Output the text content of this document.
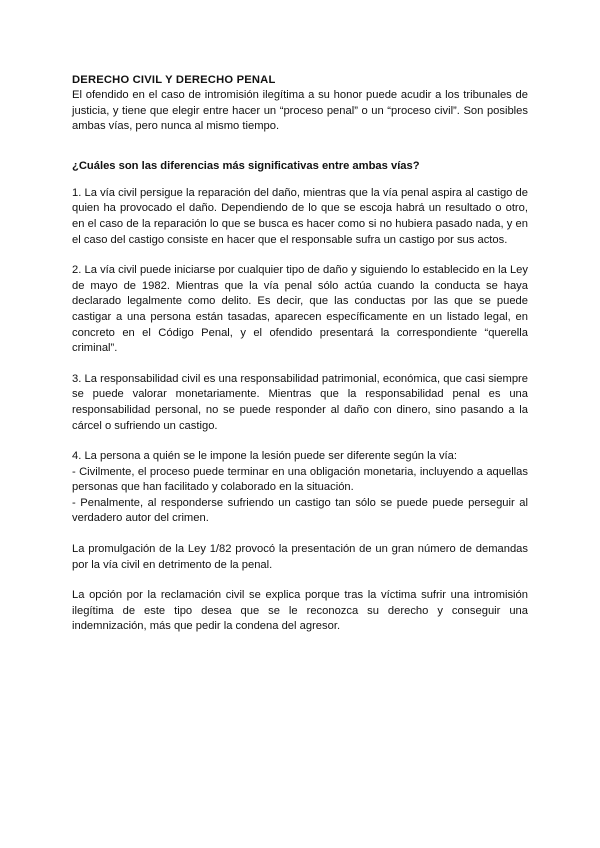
DERECHO CIVIL Y DERECHO PENAL

El ofendido en el caso de intromisión ilegítima a su honor puede acudir a los tribunales de justicia, y tiene que elegir entre hacer un “proceso penal” o un “proceso civil”. Son posibles ambas vías, pero nunca al mismo tiempo.

¿Cuáles son las diferencias más significativas entre ambas vías?

1. La vía civil persigue la reparación del daño, mientras que la vía penal aspira al castigo de quien ha provocado el daño. Dependiendo de lo que se escoja habrá un resultado o otro, en el caso de la reparación lo que se busca es hacer como si no hubiera pasado nada, y en el caso del castigo consiste en hacer que el responsable sufra un castigo por sus actos.

2. La vía civil puede iniciarse por cualquier tipo de daño y siguiendo lo establecido en la Ley de mayo de 1982. Mientras que la vía penal sólo actúa cuando la conducta se haya declarado legalmente como delito. Es decir, que las conductas por las que se puede castigar a una persona están tasadas, aparecen específicamente en un listado legal, en concreto en el Código Penal, y el ofendido presentará la correspondiente “querella criminal”.

3. La responsabilidad civil es una responsabilidad patrimonial, económica, que casi siempre se puede valorar monetariamente. Mientras que la responsabilidad penal es una responsabilidad personal, no se puede responder al daño con dinero, sino pasando a la cárcel o sufriendo un castigo.

4. La persona a quién se le impone la lesión puede ser diferente según la vía:

- Civilmente, el proceso puede terminar en una obligación monetaria, incluyendo a aquellas personas que han facilitado y colaborado en la situación.

- Penalmente, al responderse sufriendo un castigo tan sólo se puede puede perseguir al verdadero autor del crimen.

La promulgación de la Ley 1/82 provocó la presentación de un gran número de demandas por la vía civil en detrimento de la penal.

La opción por la reclamación civil se explica porque tras la víctima sufrir una intromisión ilegítima de este tipo desea que se le reconozca su derecho y conseguir una indemnización, más que pedir la condena del agresor.
